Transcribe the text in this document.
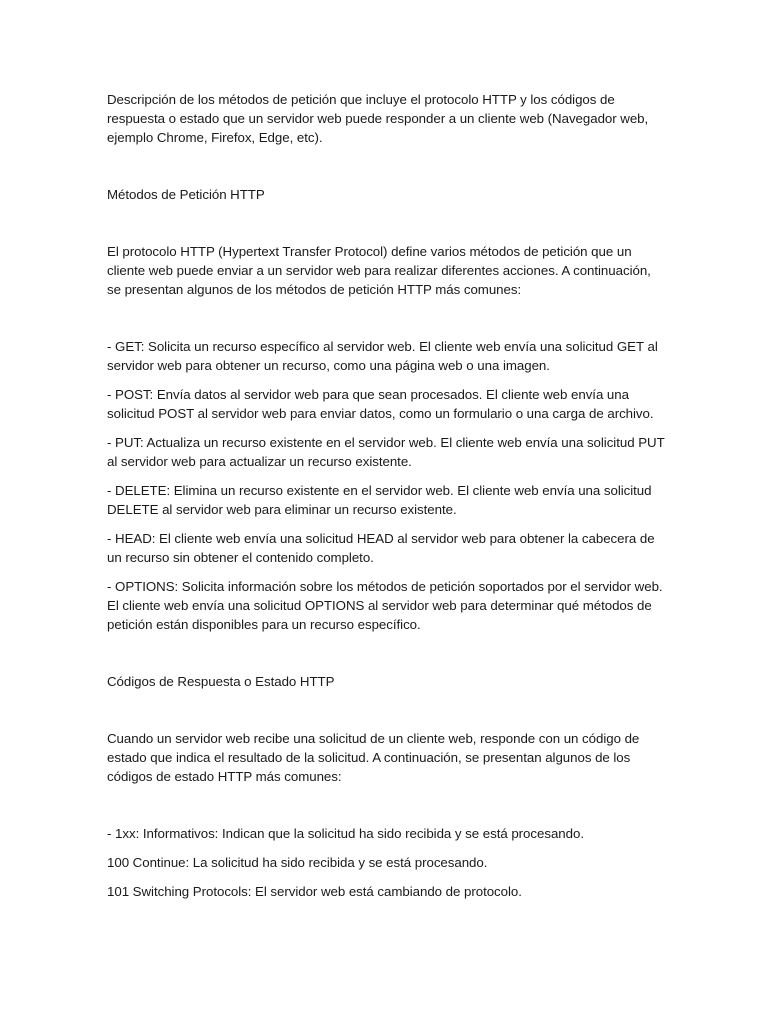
Descripción de los métodos de petición que incluye el protocolo HTTP y los códigos de respuesta o estado que un servidor web puede responder a un cliente web (Navegador web, ejemplo Chrome, Firefox, Edge, etc).

Métodos de Petición HTTP

El protocolo HTTP (Hypertext Transfer Protocol) define varios métodos de petición que un cliente web puede enviar a un servidor web para realizar diferentes acciones. A continuación, se presentan algunos de los métodos de petición HTTP más comunes:

- GET: Solicita un recurso específico al servidor web. El cliente web envía una solicitud GET al servidor web para obtener un recurso, como una página web o una imagen.

- POST: Envía datos al servidor web para que sean procesados. El cliente web envía una solicitud POST al servidor web para enviar datos, como un formulario o una carga de archivo.

- PUT: Actualiza un recurso existente en el servidor web. El cliente web envía una solicitud PUT al servidor web para actualizar un recurso existente.

- DELETE: Elimina un recurso existente en el servidor web. El cliente web envía una solicitud DELETE al servidor web para eliminar un recurso existente.

- HEAD: El cliente web envía una solicitud HEAD al servidor web para obtener la cabecera de un recurso sin obtener el contenido completo.

- OPTIONS: Solicita información sobre los métodos de petición soportados por el servidor web. El cliente web envía una solicitud OPTIONS al servidor web para determinar qué métodos de petición están disponibles para un recurso específico.

Códigos de Respuesta o Estado HTTP

Cuando un servidor web recibe una solicitud de un cliente web, responde con un código de estado que indica el resultado de la solicitud. A continuación, se presentan algunos de los códigos de estado HTTP más comunes:

- 1xx: Informativos: Indican que la solicitud ha sido recibida y se está procesando.

100 Continue: La solicitud ha sido recibida y se está procesando.

101 Switching Protocols: El servidor web está cambiando de protocolo.
